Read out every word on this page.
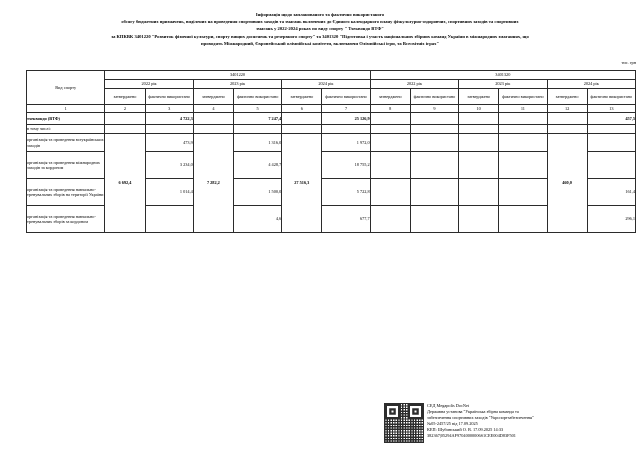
Інформація щодо запланованого та фактично використаного
обсягу бюджетних призначень, виділених на проведення спортивних заходів та змагань включених до Єдиного календарного плану фізкультурно-оздоровчих, спортивних заходів та спортивних
змагань у 2022-2024 роках по виду спорту " Тхеквондо ВТФ"
за КПКВК 3401220 "Розвиток фізичної культури, спорту вищих досягнень та резервного спорту" та 3401320 "Підготовка і участь національних збірних команд України в міжнародних змаганнях, що
проводять Міжнародний, Європейський олімпійські комітети, включаючи Олімпійські ігри, та Всесвітніх іграх"
тис. грн
Вид спорту	3401220						3401320					
	2022 рік		2023 рік		2024 рік		2022 рік		2023 рік		2024 рік	
	затверджено	фактично використано	затверджено	фактично використано	затверджено	фактично використано	затверджено	фактично використано	затверджено	фактично використано	затверджено	фактично використано
1	2	3	4	5	6	7	8	9	10	11	12	13
тхеквондо (ВТФ)		4 722,3		7 247,4		25 126,9						457,5
в тому числі:												
організація та проведення всеукраїнських заходів	6 692,4	473,9	7 282,2	1 316,0	27 516,3	1 972,0					460,0	
організація та проведення міжнародних заходів за кордоном		3 234,0		4 428,7		18 755,2						
організація та проведення навчально-тренувальних зборів на території України		1 014,4		1 500,0		5 722,8						161,4
організація та проведення навчально-тренувальних зборів за кордоном				4,6		677,7						296,1
СЕД Megapolis DocNet
Державна установа "Українська збірна команда та
забезпечення спортивних заходів "Укрспортзабезпечення"
№05-2457/25 від 17.09.2025
КЕП: Шубинський О. В. 17.09.2025 14:33
382367|05294AF97040000006S1CEE004D83F501
